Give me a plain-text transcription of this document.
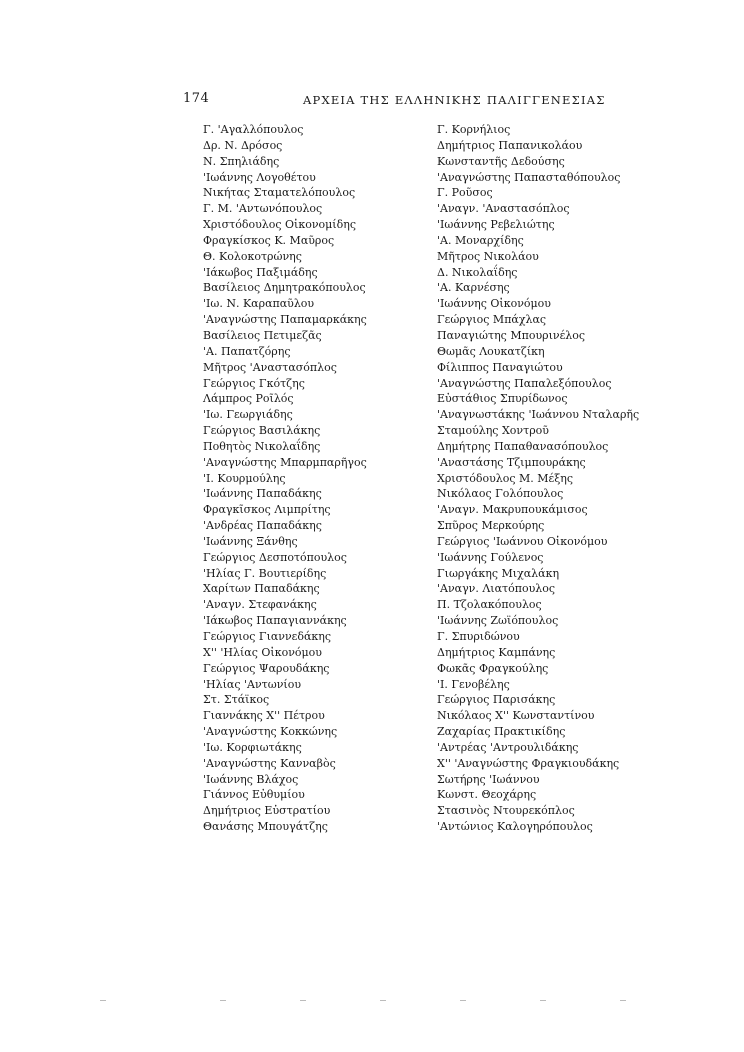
174	ΑΡΧΕΙΑ ΤΗΣ ΕΛΛΗΝΙΚΗΣ ΠΑΛΙΓΓΕΝΕΣΙΑΣ
Γ. 'Αγαλλόπουλος
Δρ. Ν. Δρόσος
Ν. Σπηλιάδης
'Ιωάννης Λογοθέτου
Νικήτας Σταματελόπουλος
Γ. Μ. 'Αντωνόπουλος
Χριστόδουλος Οἰκονομίδης
Φραγκίσκος Κ. Μαῦρος
Θ. Κολοκοτρώνης
'Ιάκωβος Παξιμάδης
Βασίλειος Δημητρακόπουλος
'Ιω. Ν. Καραπαῦλου
'Αναγνώστης Παπαμαρκάκης
Βασίλειος Πετιμεζᾶς
'Α. Παπατζόρης
Μῆτρος 'Αναστασόπλος
Γεώργιος Γκότζης
Λάμπρος Ροῖλός
'Ιω. Γεωργιάδης
Γεώργιος Βασιλάκης
Ποθητὸς Νικολαΐδης
'Αναγνώστης Μπαρμπαρῆγος
'Ι. Κουρμούλης
'Ιωάννης Παπαδάκης
Φραγκῖσκος Λιμπρίτης
'Ανδρέας Παπαδάκης
'Ιωάννης Ξάνθης
Γεώργιος Δεσποτόπουλος
'Ηλίας Γ. Βουτιερίδης
Χαρίτων Παπαδάκης
'Αναγν. Στεφανάκης
'Ιάκωβος Παπαγιαννάκης
Γεώργιος Γιαννεδάκης
Χ'' 'Ηλίας Οἰκονόμου
Γεώργιος Ψαρουδάκης
'Ηλίας 'Αντωνίου
Στ. Στάϊκος
Γιαννάκης Χ'' Πέτρου
'Αναγνώστης Κοκκώνης
'Ιω. Κορφιωτάκης
'Αναγνώστης Κανναβὸς
'Ιωάννης Βλάχος
Γιάννος Εὐθυμίου
Δημήτριος Εὐστρατίου
Θανάσης Μπουγάτζης
Γ. Κορνήλιος
Δημήτριος Παπανικολάου
Κωνσταντῆς Δεδούσης
'Αναγνώστης Παπασταθόπουλος
Γ. Ροῦσος
'Αναγν. 'Αναστασόπλος
'Ιωάννης Ρεβελιώτης
'Α. Μοναρχίδης
Μῆτρος Νικολάου
Δ. Νικολαΐδης
'Α. Καρνέσης
'Ιωάννης Οἰκονόμου
Γεώργιος Μπάχλας
Παναγιώτης Μπουρινέλος
Θωμᾶς Λουκατζίκη
Φίλιππος Παναγιώτου
'Αναγνώστης Παπαλεξόπουλος
Εὐστάθιος Σπυρίδωνος
'Αναγνωστάκης 'Ιωάννου Νταλαρῆς
Σταμούλης Χοντροῦ
Δημήτρης Παπαθανασόπουλος
'Αναστάσης Τζιμπουράκης
Χριστόδουλος Μ. Μέξης
Νικόλαος Γολόπουλος
'Αναγν. Μακρυπουκάμισος
Σπῦρος Μερκούρης
Γεώργιος 'Ιωάννου Οἰκονόμου
'Ιωάννης Γούλενος
Γιωργάκης Μιχαλάκη
'Αναγν. Λιατόπουλος
Π. Τζολακόπουλος
'Ιωάννης Ζωϊόπουλος
Γ. Σπυριδώνου
Δημήτριος Καμπάνης
Φωκᾶς Φραγκούλης
'Ι. Γενοβέλης
Γεώργιος Παρισάκης
Νικόλαος Χ'' Κωνσταντίνου
Ζαχαρίας Πρακτικίδης
'Αντρέας 'Αντρουλιδάκης
Χ'' 'Αναγνώστης Φραγκιουδάκης
Σωτήρης 'Ιωάννου
Κωνστ. Θεοχάρης
Στασινὸς Ντουρεκόπλος
'Αντώνιος Καλογηρόπουλος
